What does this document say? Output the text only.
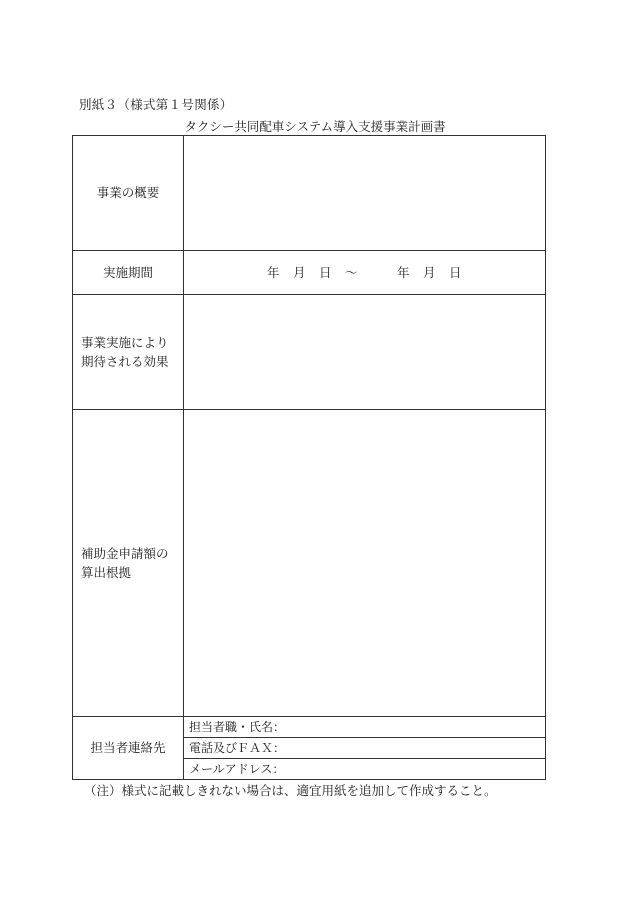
別紙３（様式第１号関係）
タクシー共同配車システム導入支援事業計画書
事業の概要	
実施期間	年　月　日　～　　　年　月　日

事業実施により
期待される効果	

補助金申請額の
算出根拠	

担当者連絡先	担当者職・氏名：
	電話及びＦＡＸ：
	メールアドレス：
（注）様式に記載しきれない場合は、適宜用紙を追加して作成すること。
